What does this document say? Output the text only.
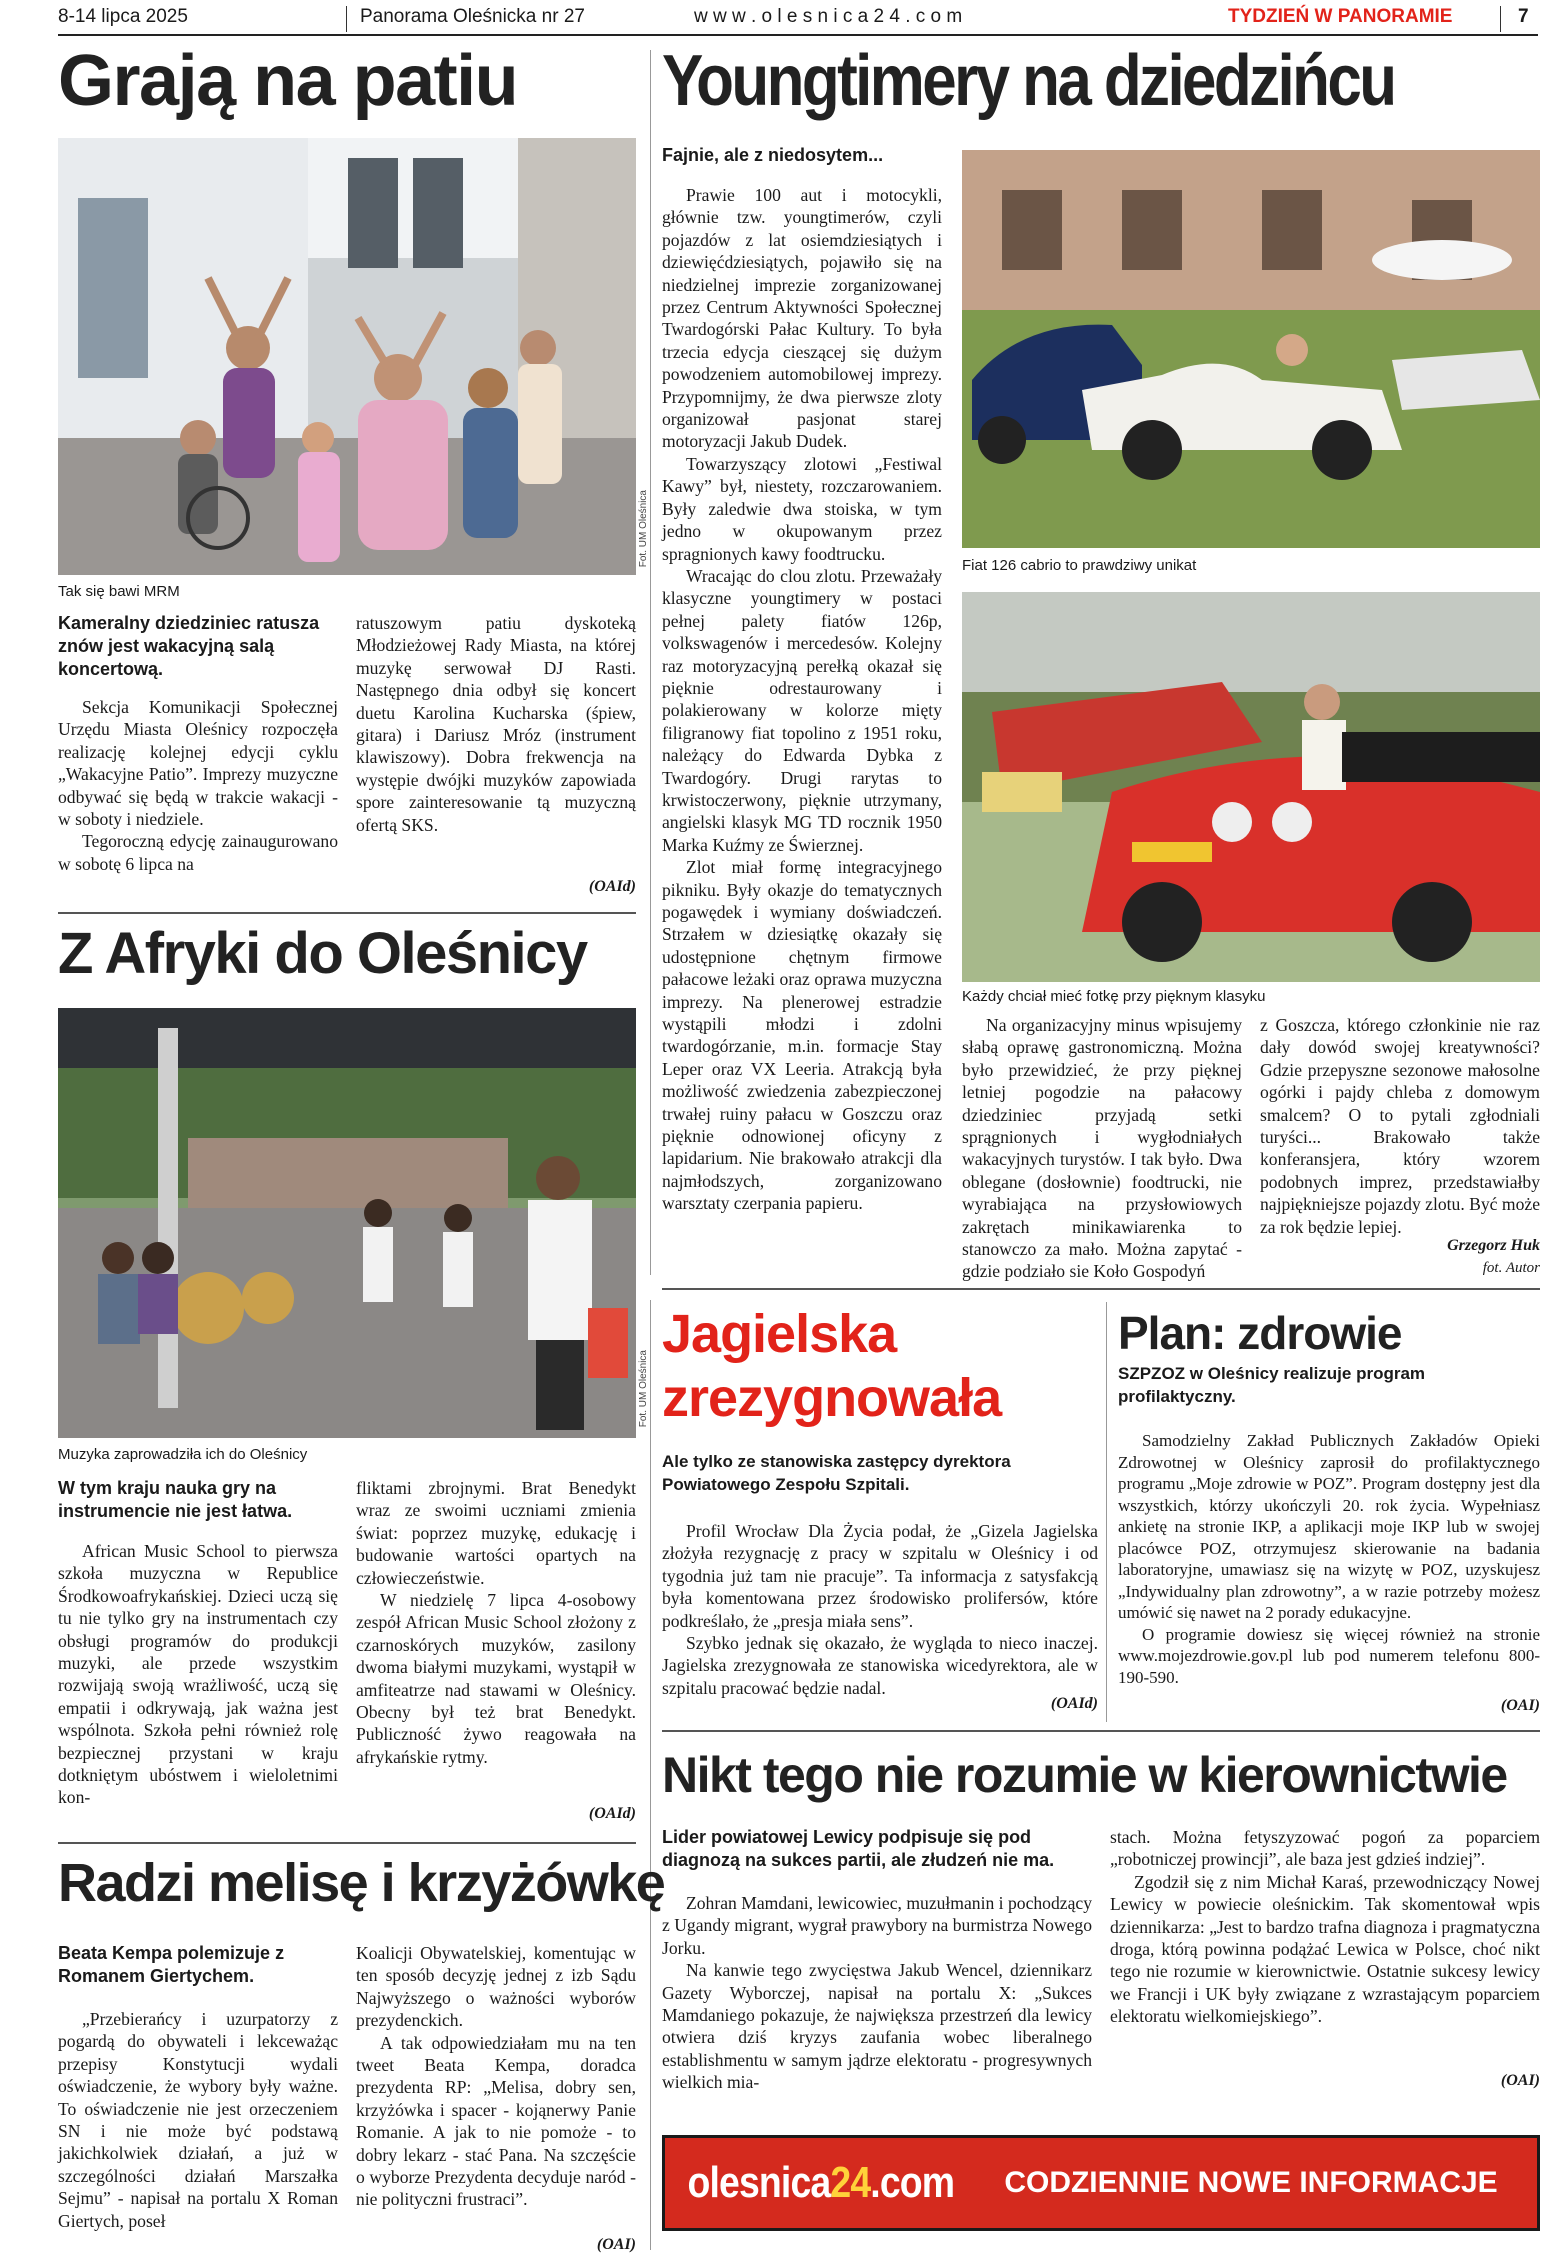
8-14 lipca 2025	Panorama Oleśnicka nr 27	w w w . o l e s n i c a 2 4 . c o m	TYDZIEŃ W PANORAMIE	7
Grają na patiu
Fot. UM Oleśnica
Tak się bawi MRM
Kameralny dziedziniec ratusza znów jest wakacyjną salą koncertową.

Sekcja Komunikacji Społecznej Urzędu Miasta Oleśnicy rozpoczęła realizację kolejnej edycji cyklu „Wakacyjne Patio”. Imprezy muzyczne odbywać się będą w trakcie wakacji - w soboty i niedziele.

Tegoroczną edycję zainaugurowano w sobotę 6 lipca na

ratuszowym patiu dyskoteką Młodzieżowej Rady Miasta, na której muzykę serwował DJ Rasti. Następnego dnia odbył się koncert duetu Karolina Kucharska (śpiew, gitara) i Dariusz Mróz (instrument klawiszowy). Dobra frekwencja na występie dwójki muzyków zapowiada spore zainteresowanie tą muzyczną ofertą SKS.

(OAId)
Z Afryki do Oleśnicy
Fot. UM Oleśnica
Muzyka zaprowadziła ich do Oleśnicy
W tym kraju nauka gry na instrumencie nie jest łatwa.

African Music School to pierwsza szkoła muzyczna w Republice Środkowoafrykańskiej. Dzieci uczą się tu nie tylko gry na instrumentach czy obsługi programów do produkcji muzyki, ale przede wszystkim rozwijają swoją wrażliwość, uczą się empatii i odkrywają, jak ważna jest wspólnota. Szkoła pełni również rolę bezpiecznej przystani w kraju dotkniętym ubóstwem i wieloletnimi kon-

fliktami zbrojnymi. Brat Benedykt wraz ze swoimi uczniami zmienia świat: poprzez muzykę, edukację i budowanie wartości opartych na człowieczeństwie.

W niedzielę 7 lipca 4-osobowy zespół African Music School złożony z czarnoskórych muzyków, zasilony dwoma białymi muzykami, wystąpił w amfiteatrze nad stawami w Oleśnicy. Obecny był też brat Benedykt. Publiczność żywo reagowała na afrykańskie rytmy.

(OAId)
Radzi melisę i krzyżówkę
Beata Kempa polemizuje z Romanem Giertychem.

„Przebierańcy i uzurpatorzy z pogardą do obywateli i lekceważąc przepisy Konstytucji wydali oświadczenie, że wybory były ważne. To oświadczenie nie jest orzeczeniem SN i nie może być podstawą jakichkolwiek działań, a już w szczególności działań Marszałka Sejmu” - napisał na portalu X Roman Giertych, poseł

Koalicji Obywatelskiej, komentując w ten sposób decyzję jednej z izb Sądu Najwyższego o ważności wyborów prezydenckich.

A tak odpowiedziałam mu na ten tweet Beata Kempa, doradca prezydenta RP: „Melisa, dobry sen, krzyżówka i spacer - kojąnerwy Panie Romanie. A jak to nie pomoże - to dobry lekarz - stać Pana. Na szczęście o wyborze Prezydenta decyduje naród - nie polityczni frustraci”.

(OAI)
Youngtimery na dziedzińcu
Fajnie, ale z niedosytem...

Prawie 100 aut i motocykli, głównie tzw. youngtimerów, czyli pojazdów z lat osiemdziesiątych i dziewięćdziesiątych, pojawiło się na niedzielnej imprezie zorganizowanej przez Centrum Aktywności Społecznej Twardogórski Pałac Kultury. To była trzecia edycja cieszącej się dużym powodzeniem automobilowej imprezy. Przypomnijmy, że dwa pierwsze zloty organizował pasjonat starej motoryzacji Jakub Dudek.

Towarzyszący zlotowi „Festiwal Kawy” był, niestety, rozczarowaniem. Były zaledwie dwa stoiska, w tym jedno w okupowanym przez spragnionych kawy foodtrucku.

Wracając do clou zlotu. Przeważały klasyczne youngtimery w postaci pełnej palety fiatów 126p, volkswagenów i mercedesów. Kolejny raz motoryzacyjną perełką okazał się pięknie odrestaurowany i polakierowany w kolorze mięty filigranowy fiat topolino z 1951 roku, należący do Edwarda Dybka z Twardogóry. Drugi rarytas to krwistoczerwony, pięknie utrzymany, angielski klasyk MG TD rocznik 1950 Marka Kuźmy ze Świerznej.

Zlot miał formę integracyjnego pikniku. Były okazje do tematycznych pogawędek i wymiany doświadczeń. Strzałem w dziesiątkę okazały się udostępnione chętnym firmowe pałacowe leżaki oraz oprawa muzyczna imprezy. Na plenerowej estradzie wystąpili młodzi i zdolni twardogórzanie, m.in. formacje Stay Leper oraz VX Leeria. Atrakcją była możliwość zwiedzenia zabezpieczonej trwałej ruiny pałacu w Goszczu oraz pięknie odnowionej oficyny z lapidarium. Nie brakowało atrakcji dla najmłodszych, zorganizowano warsztaty czerpania papieru.

Fiat 126 cabrio to prawdziwy unikat
Każdy chciał mieć fotkę przy pięknym klasyku

Na organizacyjny minus wpisujemy słabą oprawę gastronomiczną. Można było przewidzieć, że przy pięknej letniej pogodzie na pałacowy dziedziniec przyjadą setki sprągnionych i wygłodniałych wakacyjnych turystów. I tak było. Dwa oblegane (dosłownie) foodtrucki, nie wyrabiająca na przysłowiowych zakrętach minikawiarenka to stanowczo za mało. Można zapytać - gdzie podziało sie Koło Gospodyń

z Goszcza, którego członkinie nie raz dały dowód swojej kreatywności? Gdzie przepyszne sezonowe małosolne ogórki i pajdy chleba z domowym smalcem? O to pytali zgłodniali turyści... Brakowało także konferansjera, który wzorem podobnych imprez, przedstawiałby najpiękniejsze pojazdy zlotu. Być może za rok będzie lepiej.

Grzegorz Huk
fot. Autor
Jagielska
zrezygnowała
Ale tylko ze stanowiska zastępcy dyrektora Powiatowego Zespołu Szpitali.

Profil Wrocław Dla Życia podał, że „Gizela Jagielska złożyła rezygnację z pracy w szpitalu w Oleśnicy i od tygodnia już tam nie pracuje”. Ta informacja z satysfakcją była komentowana przez środowisko prolifersów, które podkreślało, że „presja miała sens”.

Szybko jednak się okazało, że wygląda to nieco inaczej. Jagielska zrezygnowała ze stanowiska wicedyrektora, ale w szpitalu pracować będzie nadal.

(OAId)
Plan: zdrowie
SZPZOZ w Oleśnicy realizuje program profilaktyczny.

Samodzielny Zakład Publicznych Zakładów Opieki Zdrowotnej w Oleśnicy zaprosił do profilaktycznego programu „Moje zdrowie w POZ”. Program dostępny jest dla wszystkich, którzy ukończyli 20. rok życia. Wypełniasz ankietę na stronie IKP, a aplikacji moje IKP lub w swojej placówce POZ, otrzymujesz skierowanie na badania laboratoryjne, umawiasz się na wizytę w POZ, uzyskujesz „Indywidualny plan zdrowotny”, a w razie potrzeby możesz umówić się nawet na 2 porady edukacyjne.

O programie dowiesz się więcej również na stronie www.mojezdrowie.gov.pl lub pod numerem telefonu 800-190-590.

(OAI)
Nikt tego nie rozumie w kierownictwie
Lider powiatowej Lewicy podpisuje się pod diagnozą na sukces partii, ale złudzeń nie ma.

Zohran Mamdani, lewicowiec, muzułmanin i pochodzący z Ugandy migrant, wygrał prawybory na burmistrza Nowego Jorku.

Na kanwie tego zwycięstwa Jakub Wencel, dziennikarz Gazety Wyborczej, napisał na portalu X: „Sukces Mamdaniego pokazuje, że największa przestrzeń dla lewicy otwiera dziś kryzys zaufania wobec liberalnego establishmentu w samym jądrze elektoratu - progresywnych wielkich mia-

stach. Można fetyszyzować pogoń za poparciem „robotniczej prowincji”, ale baza jest gdzieś indziej”.

Zgodził się z nim Michał Karaś, przewodniczący Nowej Lewicy w powiecie oleśnickim. Tak skomentował wpis dziennikarza: „Jest to bardzo trafna diagnoza i pragmatyczna droga, którą powinna podążać Lewica w Polsce, choć nikt tego nie rozumie w kierownictwie. Ostatnie sukcesy lewicy we Francji i UK były związane z wzrastającym poparciem elektoratu wielkomiejskiego”.

(OAI)
olesnica24.com	CODZIENNIE NOWE INFORMACJE
